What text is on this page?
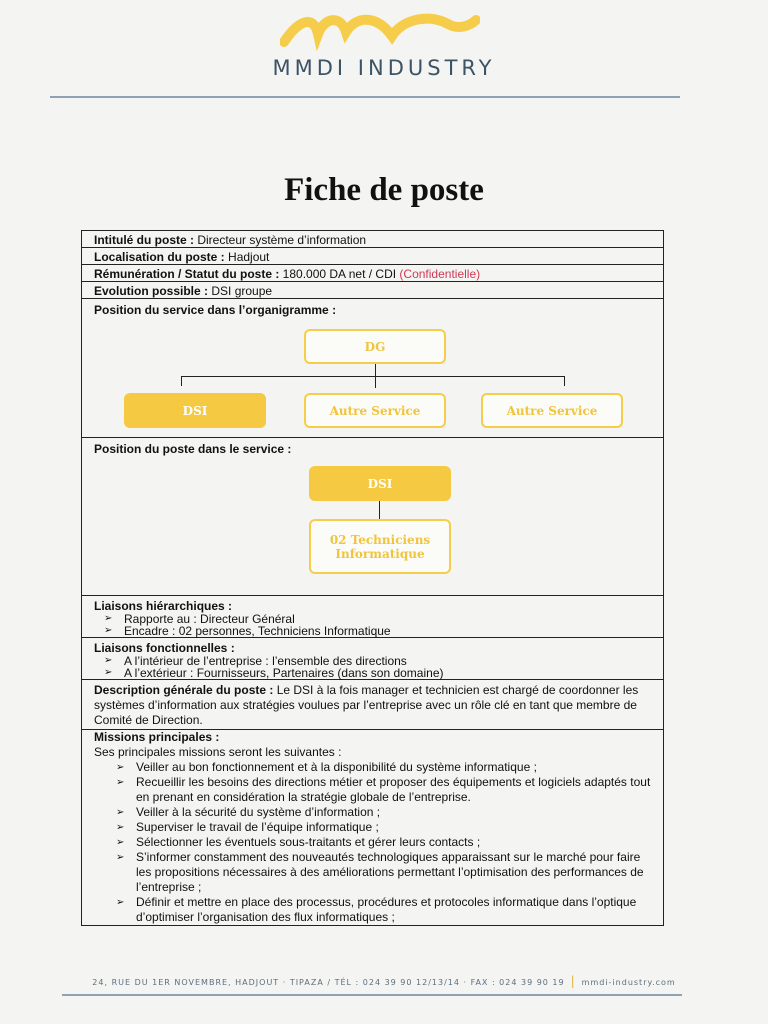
MMDI INDUSTRY
Fiche de poste
Intitulé du poste : Directeur système d’information
Localisation du poste : Hadjout
Rémunération / Statut du poste : 180.000 DA net / CDI (Confidentielle)
Evolution possible : DSI groupe
Position du service dans l’organigramme :
DG
DSI	Autre Service	Autre Service
Position du poste dans le service :
DSI
02 Techniciens Informatique
Liaisons hiérarchiques :
➢ Rapporte au : Directeur Général
➢ Encadre : 02 personnes, Techniciens Informatique
Liaisons fonctionnelles :
➢ A l’intérieur de l’entreprise : l’ensemble des directions
➢ A l’extérieur : Fournisseurs, Partenaires (dans son domaine)
Description générale du poste : Le DSI à la fois manager et technicien est chargé de coordonner les systèmes d’information aux stratégies voulues par l’entreprise avec un rôle clé en tant que membre de Comité de Direction.
Missions principales :
Ses principales missions seront les suivantes :
➢ Veiller au bon fonctionnement et à la disponibilité du système informatique ;
➢ Recueillir les besoins des directions métier et proposer des équipements et logiciels adaptés tout en prenant en considération la stratégie globale de l’entreprise.
➢ Veiller à la sécurité du système d’information ;
➢ Superviser le travail de l’équipe informatique ;
➢ Sélectionner les éventuels sous-traitants et gérer leurs contacts ;
➢ S’informer constamment des nouveautés technologiques apparaissant sur le marché pour faire les propositions nécessaires à des améliorations permettant l’optimisation des performances de l’entreprise ;
➢ Définir et mettre en place des processus, procédures et protocoles informatique dans l’optique d’optimiser l’organisation des flux informatiques ;
24, RUE DU 1ER NOVEMBRE, HADJOUT · TIPAZA / TÉL : 024 39 90 12/13/14 · FAX : 024 39 90 19 | mmdi-industry.com
